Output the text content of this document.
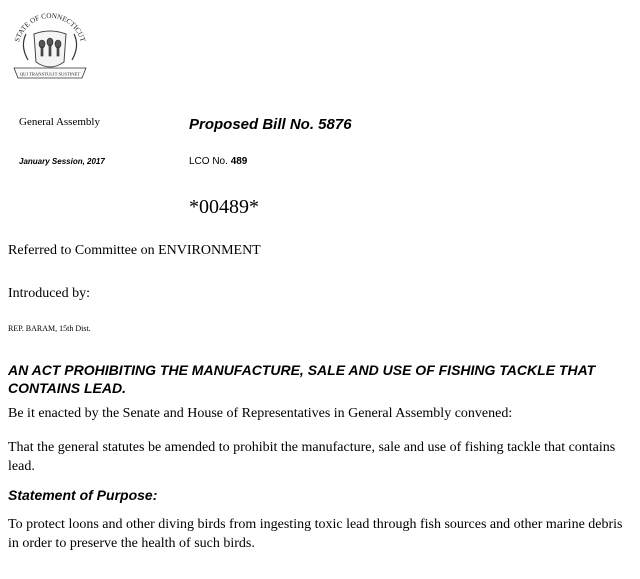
STATE OF CONNECTICUT
QUI TRANSTULIT SUSTINET
General Assembly	Proposed Bill No. 5876
January Session, 2017	LCO No. 489
*00489*
Referred to Committee on ENVIRONMENT
Introduced by:
REP. BARAM, 15th Dist.
AN ACT PROHIBITING THE MANUFACTURE, SALE AND USE OF FISHING TACKLE THAT CONTAINS LEAD.
Be it enacted by the Senate and House of Representatives in General Assembly convened:
That the general statutes be amended to prohibit the manufacture, sale and use of fishing tackle that contains lead.
Statement of Purpose:
To protect loons and other diving birds from ingesting toxic lead through fish sources and other marine debris in order to preserve the health of such birds.
